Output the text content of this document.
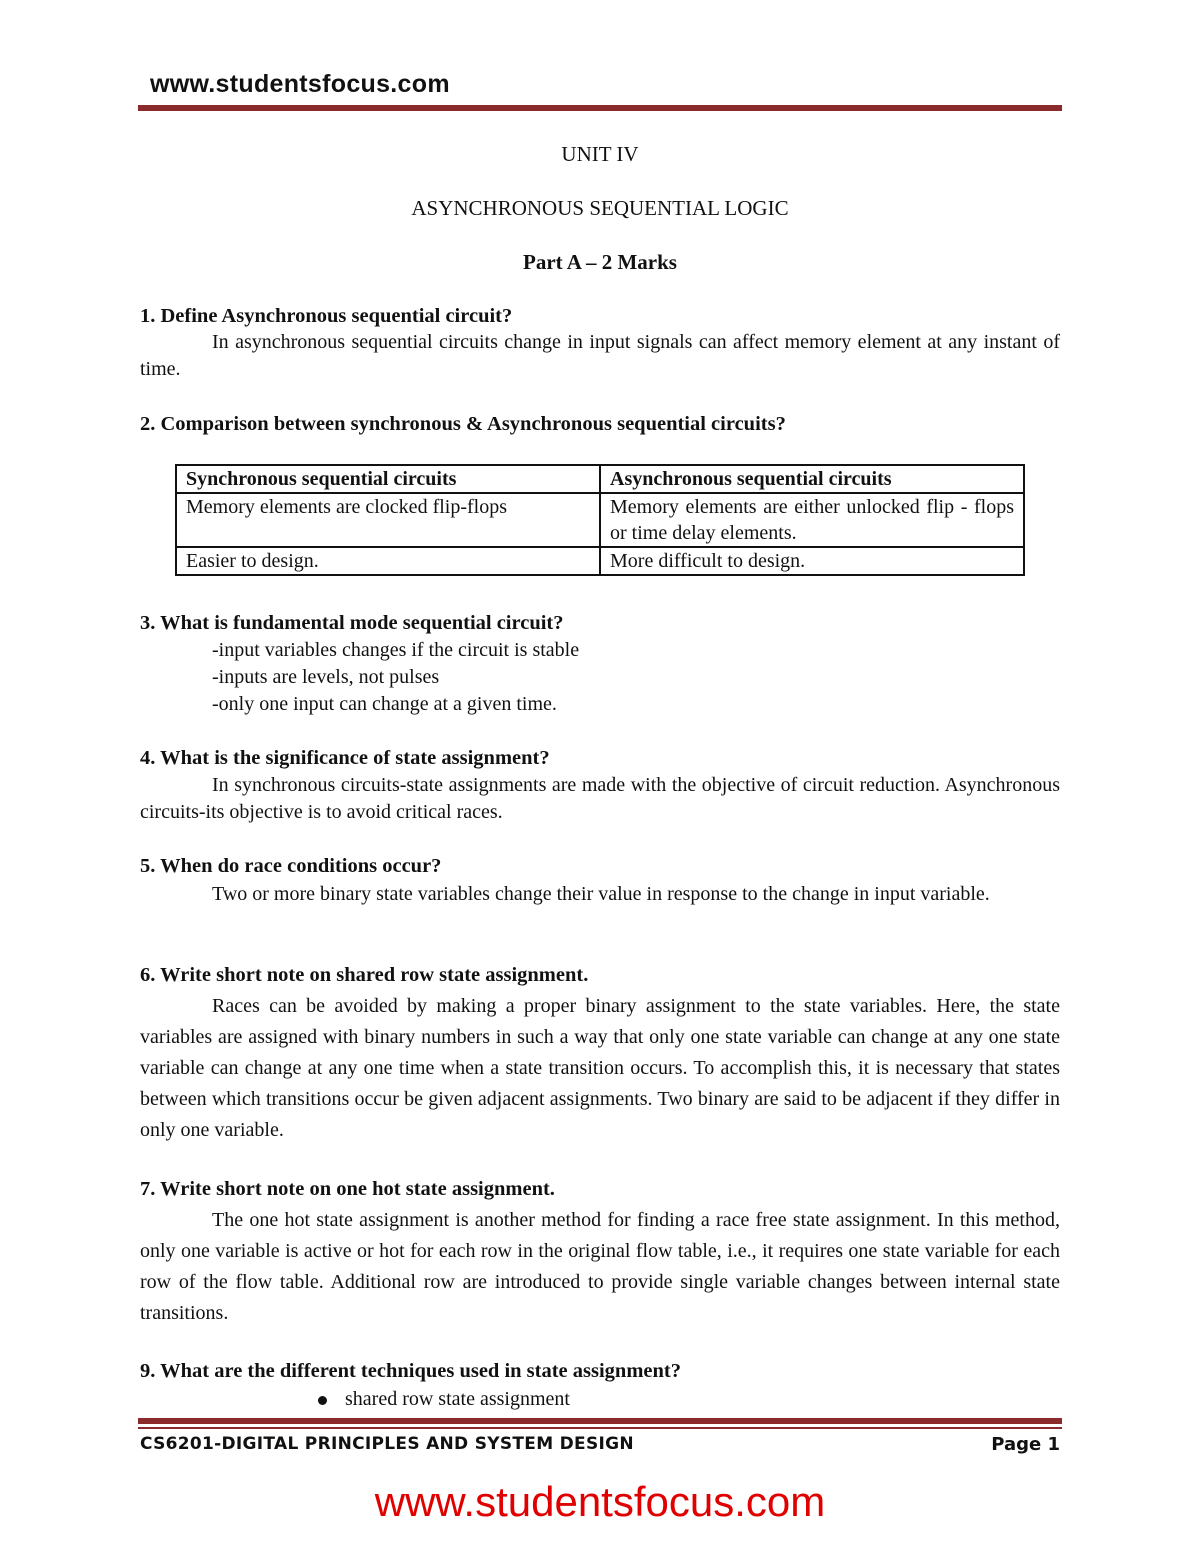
www.studentsfocus.com
UNIT IV
ASYNCHRONOUS SEQUENTIAL LOGIC
Part A – 2 Marks
1. Define Asynchronous sequential circuit?
In asynchronous sequential circuits change in input signals can affect memory element at any instant of time.
2. Comparison between synchronous & Asynchronous sequential circuits?
Synchronous sequential circuits	Asynchronous sequential circuits
Memory elements are clocked flip-flops	Memory elements are either unlocked flip - flops or time delay elements.
Easier to design.	More difficult to design.
3. What is fundamental mode sequential circuit?
-input variables changes if the circuit is stable
-inputs are levels, not pulses
-only one input can change at a given time.
4. What is the significance of state assignment?
In synchronous circuits-state assignments are made with the objective of circuit reduction. Asynchronous circuits-its objective is to avoid critical races.
5. When do race conditions occur?
Two or more binary state variables change their value in response to the change in input variable.
6. Write short note on shared row state assignment.
Races can be avoided by making a proper binary assignment to the state variables. Here, the state variables are assigned with binary numbers in such a way that only one state variable can change at any one state variable can change at any one time when a state transition occurs. To accomplish this, it is necessary that states between which transitions occur be given adjacent assignments. Two binary are said to be adjacent if they differ in only one variable.
7. Write short note on one hot state assignment.
The one hot state assignment is another method for finding a race free state assignment. In this method, only one variable is active or hot for each row in the original flow table, i.e., it requires one state variable for each row of the flow table. Additional row are introduced to provide single variable changes between internal state transitions.
9. What are the different techniques used in state assignment?
shared row state assignment
CS6201-DIGITAL PRINCIPLES AND SYSTEM DESIGN	Page 1
www.studentsfocus.com
